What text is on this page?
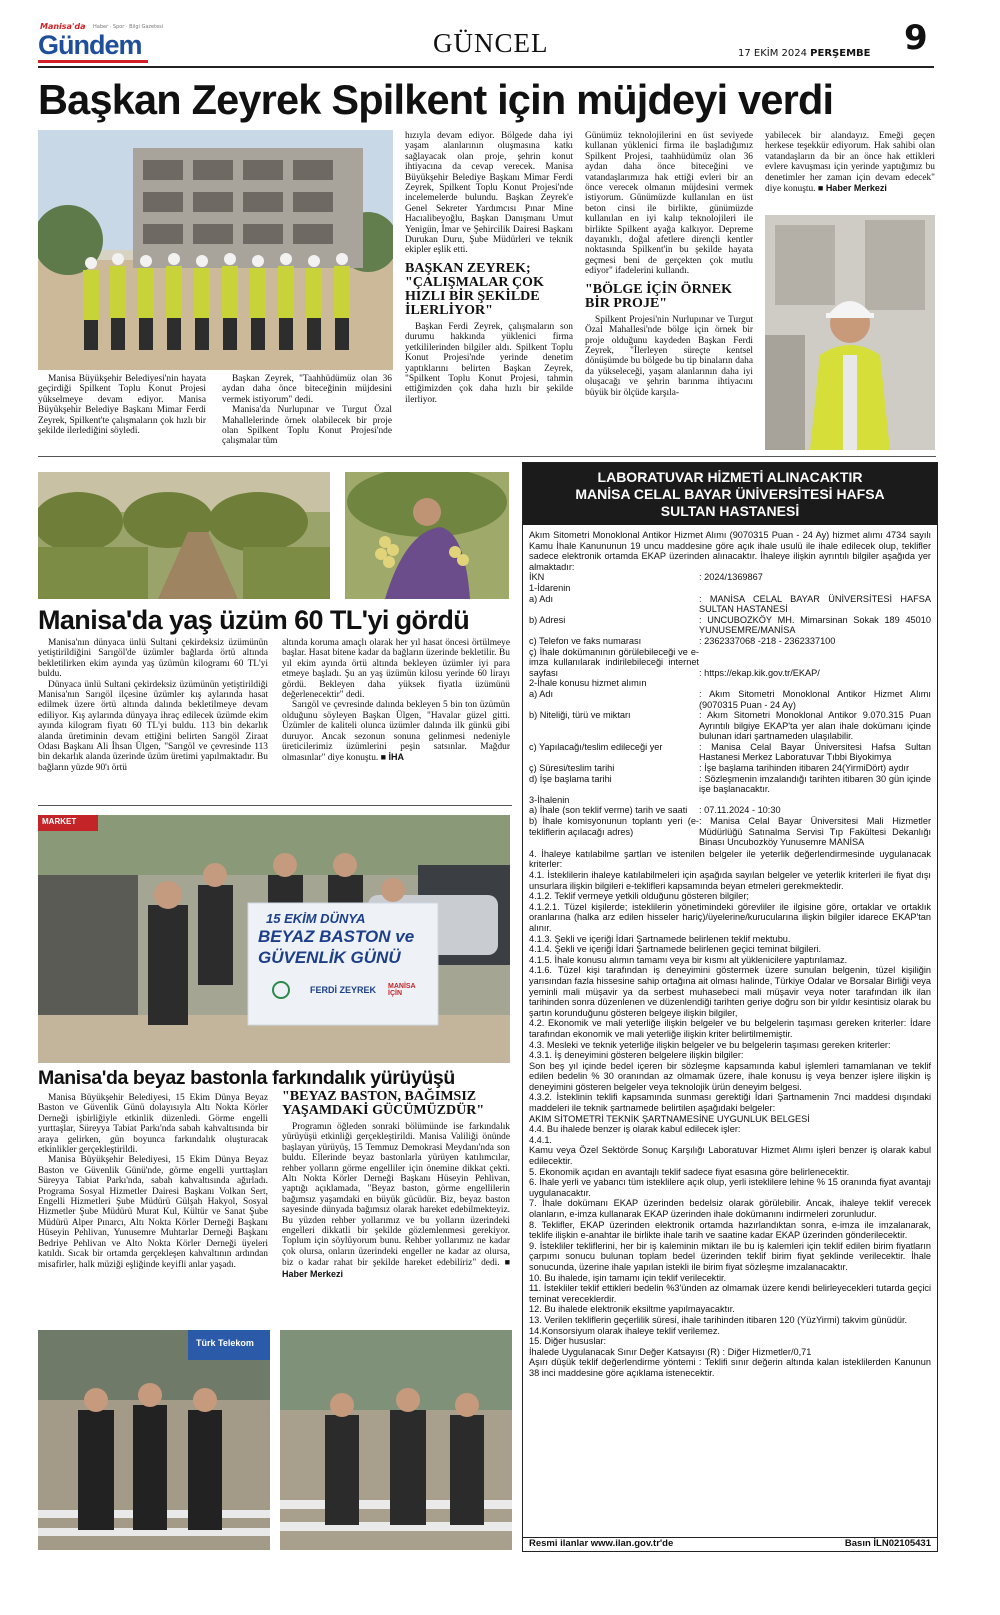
Manisa'da
Gündem
Haber · Spor · Bilgi Gazetesi
GÜNCEL	17 EKİM 2024 PERŞEMBE 9
Başkan Zeyrek Spilkent için müjdeyi verdi

Manisa Büyükşehir Belediyesi'nin hayata geçirdiği Spilkent Toplu Konut Projesi yükselmeye devam ediyor. Manisa Büyükşehir Belediye Başkanı Mimar Ferdi Zeyrek, Spilkent'te çalışmaların çok hızlı bir şekilde ilerlediğini söyledi.

Başkan Zeyrek, "Taahhüdümüz olan 36 aydan daha önce biteceğinin müjdesini vermek istiyorum" dedi.

Manisa'da Nurlupınar ve Turgut Özal Mahallelerinde örnek olabilecek bir proje olan Spilkent Toplu Konut Projesi'nde çalışmalar tüm

hızıyla devam ediyor. Bölgede daha iyi yaşam alanlarının oluşmasına katkı sağlayacak olan proje, şehrin konut ihtiyacına da cevap verecek. Manisa Büyükşehir Belediye Başkanı Mimar Ferdi Zeyrek, Spilkent Toplu Konut Projesi'nde incelemelerde bulundu. Başkan Zeyrek'e Genel Sekreter Yardımcısı Pınar Mine Hacıalibeyoğlu, Başkan Danışmanı Umut Yenigün, İmar ve Şehircilik Dairesi Başkanı Durukan Duru, Şube Müdürleri ve teknik ekipler eşlik etti.

BAŞKAN ZEYREK; "ÇALIŞMALAR ÇOK HIZLI BİR ŞEKİLDE İLERLİYOR"

Başkan Ferdi Zeyrek, çalışmaların son durumu hakkında yüklenici firma yetkililerinden bilgiler aldı. Spilkent Toplu Konut Projesi'nde yerinde denetim yaptıklarını belirten Başkan Zeyrek, "Spilkent Toplu Konut Projesi, tahmin ettiğimizden çok daha hızlı bir şekilde ilerliyor.

Günümüz teknolojilerini en üst seviyede kullanan yüklenici firma ile başladığımız Spilkent Projesi, taahhüdümüz olan 36 aydan daha önce biteceğini ve vatandaşlarımıza hak ettiği evleri bir an önce verecek olmanın müjdesini vermek istiyorum. Günümüzde kullanılan en üst beton cinsi ile birlikte, günümüzde kullanılan en iyi kalıp teknolojileri ile birlikte Spilkent ayağa kalkıyor. Depreme dayanıklı, doğal afetlere dirençli kentler noktasında Spilkent'in bu şekilde hayata geçmesi beni de gerçekten çok mutlu ediyor" ifadelerini kullandı.

"BÖLGE İÇİN ÖRNEK BİR PROJE"

Spilkent Projesi'nin Nurlupınar ve Turgut Özal Mahallesi'nde bölge için örnek bir proje olduğunu kaydeden Başkan Ferdi Zeyrek, "İlerleyen süreçte kentsel dönüşümde bu bölgede bu tip binaların daha da yükseleceği, yaşam alanlarının daha iyi oluşacağı ve şehrin barınma ihtiyacını büyük bir ölçüde karşıla-

yabilecek bir alandayız. Emeği geçen herkese teşekkür ediyorum. Hak sahibi olan vatandaşların da bir an önce hak ettikleri evlere kavuşması için yerinde yaptığımız bu denetimler her zaman için devam edecek" diye konuştu. ■ Haber Merkezi

Manisa'da yaş üzüm 60 TL'yi gördü

Manisa'nın dünyaca ünlü Sultani çekirdeksiz üzümünün yetiştirildiğini Sarıgöl'de üzümler bağlarda örtü altında bekletilirken ekim ayında yaş üzümün kilogramı 60 TL'yi buldu.

Dünyaca ünlü Sultani çekirdeksiz üzümünün yetiştirildiği Manisa'nın Sarıgöl ilçesine üzümler kış aylarında hasat edilmek üzere örtü altında dalında bekletilmeye devam ediliyor. Kış aylarında dünyaya ihraç edilecek üzümde ekim ayında kilogram fiyatı 60 TL'yi buldu. 113 bin dekarlık alanda üretiminin devam ettiğini belirten Sarıgöl Ziraat Odası Başkanı Ali İhsan Ülgen, "Sarıgöl ve çevresinde 113 bin dekarlık alanda üzerinde üzüm üretimi yapılmaktadır. Bu bağların yüzde 90'ı örtü

altında koruma amaçlı olarak her yıl hasat öncesi örtülmeye başlar. Hasat bitene kadar da bağların üzerinde bekletilir. Bu yıl ekim ayında örtü altında bekleyen üzümler iyi para etmeye başladı. Şu an yaş üzümün kilosu yerinde 60 lirayı gördü. Bekleyen daha yüksek fiyatla üzümünü değerlenecektir" dedi.

Sarıgöl ve çevresinde dalında bekleyen 5 bin ton üzümün olduğunu söyleyen Başkan Ülgen, "Havalar güzel gitti. Üzümler de kaliteli olunca üzümler dalında ilk günkü gibi duruyor. Ancak sezonun sonuna gelinmesi nedeniyle üreticilerimiz üzümlerini peşin satsınlar. Mağdur olmasınlar" diye konuştu. ■ İHA

MARKET
15 EKİM DÜNYA
BEYAZ BASTON ve
GÜVENLİK GÜNÜ
FERDİ ZEYREK MANİSA İÇİN
Manisa'da beyaz bastonla farkındalık yürüyüşü

Manisa Büyükşehir Belediyesi, 15 Ekim Dünya Beyaz Baston ve Güvenlik Günü dolayısıyla Altı Nokta Körler Derneği işbirliğiyle etkinlik düzenledi. Görme engelli yurttaşlar, Süreyya Tabiat Parkı'nda sabah kahvaltısında bir araya gelirken, gün boyunca farkındalık oluşturacak etkinlikler gerçekleştirildi.

Manisa Büyükşehir Belediyesi, 15 Ekim Dünya Beyaz Baston ve Güvenlik Günü'nde, görme engelli yurttaşları Süreyya Tabiat Parkı'nda, sabah kahvaltısında ağırladı. Programa Sosyal Hizmetler Dairesi Başkanı Volkan Sert, Engelli Hizmetleri Şube Müdürü Gülşah Hakyol, Sosyal Hizmetler Şube Müdürü Murat Kul, Kültür ve Sanat Şube Müdürü Alper Pınarcı, Altı Nokta Körler Derneği Başkanı Hüseyin Pehlivan, Yunusemre Muhtarlar Derneği Başkanı Bedriye Pehlivan ve Alto Nokta Körler Derneği üyeleri katıldı. Sıcak bir ortamda gerçekleşen kahvaltının ardından misafirler, halk müziği eşliğinde keyifli anlar yaşadı.

"BEYAZ BASTON, BAĞIMSIZ YAŞAMDAKİ GÜCÜMÜZDÜR"

Programın öğleden sonraki bölümünde ise farkındalık yürüyüşü etkinliği gerçekleştirildi. Manisa Valiliği önünde başlayan yürüyüş, 15 Temmuz Demokrasi Meydanı'nda son buldu. Ellerinde beyaz bastonlarla yürüyen katılımcılar, rehber yolların görme engelliler için önemine dikkat çekti. Altı Nokta Körler Derneği Başkanı Hüseyin Pehlivan, yaptığı açıklamada, "Beyaz baston, görme engellilerin bağımsız yaşamdaki en büyük gücüdür. Biz, beyaz baston sayesinde dünyada bağımsız olarak hareket edebilmekteyiz. Bu yüzden rehber yollarımız ve bu yolların üzerindeki engelleri dikkatli bir şekilde gözlemlenmesi gerekiyor. Toplum için söylüyorum bunu. Rehber yollarımız ne kadar çok olursa, onların üzerindeki engeller ne kadar az olursa, biz o kadar rahat bir şekilde hareket edebiliriz" dedi. ■ Haber Merkezi

Türk Telekom
LABORATUVAR HİZMETİ ALINACAKTIR
MANİSA CELAL BAYAR ÜNİVERSİTESİ HAFSA
SULTAN HASTANESİ

Akım Sitometri Monoklonal Antikor Hizmet Alımı (9070315 Puan - 24 Ay) hizmet alımı 4734 sayılı Kamu İhale Kanununun 19 uncu maddesine göre açık ihale usulü ile ihale edilecek olup, teklifler sadece elektronik ortamda EKAP üzerinden alınacaktır. İhaleye ilişkin ayrıntılı bilgiler aşağıda yer almaktadır:

İKN	: 2024/1369867

1-İdarenin

a) Adı	: MANİSA CELAL BAYAR ÜNİVERSİTESİ HAFSA SULTAN HASTANESİ
b) Adresi	: UNCUBOZKÖY MH. Mimarsinan Sokak 189 45010 YUNUSEMRE/MANİSA
c) Telefon ve faks numarası	: 2362337068 -218 - 2362337100
ç) İhale dokümanının görülebileceği ve e-imza kullanılarak indirilebileceği internet sayfası	: https://ekap.kik.gov.tr/EKAP/

2-İhale konusu hizmet alımın

a) Adı	: Akım Sitometri Monoklonal Antikor Hizmet Alımı (9070315 Puan - 24 Ay)
b) Niteliği, türü ve miktarı	: Akım Sitometri Monoklonal Antikor 9.070.315 Puan Ayrıntılı bilgiye EKAP'ta yer alan ihale dokümanı içinde bulunan idari şartnameden ulaşılabilir.
c) Yapılacağı/teslim edileceği yer	: Manisa Celal Bayar Üniversitesi Hafsa Sultan Hastanesi Merkez Laboratuvar Tıbbi Biyokimya
ç) Süresi/teslim tarihi	: İşe başlama tarihinden itibaren 24(YirmiDört) aydır
d) İşe başlama tarihi	: Sözleşmenin imzalandığı tarihten itibaren 30 gün içinde işe başlanacaktır.

3-İhalenin

a) İhale (son teklif verme) tarih ve saati	: 07.11.2024 - 10:30
b) İhale komisyonunun toplantı yeri (e-tekliflerin açılacağı adres)
: Manisa Celal Bayar Üniversitesi Mali Hizmetler Müdürlüğü Satınalma Servisi Tıp Fakültesi Dekanlığı Binası Uncubozköy Yunusemre MANİSA

4. İhaleye katılabilme şartları ve istenilen belgeler ile yeterlik değerlendirmesinde uygulanacak kriterler:

4.1. İsteklilerin ihaleye katılabilmeleri için aşağıda sayılan belgeler ve yeterlik kriterleri ile fiyat dışı unsurlara ilişkin bilgileri e-teklifleri kapsamında beyan etmeleri gerekmektedir.

4.1.2. Teklif vermeye yetkili olduğunu gösteren bilgiler;

4.1.2.1. Tüzel kişilerde; isteklilerin yönetimindeki görevliler ile ilgisine göre, ortaklar ve ortaklık oranlarına (halka arz edilen hisseler hariç)/üyelerine/kurucularına ilişkin bilgiler idarece EKAP'tan alınır.

4.1.3. Şekli ve içeriği İdari Şartnamede belirlenen teklif mektubu.

4.1.4. Şekli ve içeriği İdari Şartnamede belirlenen geçici teminat bilgileri.

4.1.5. İhale konusu alımın tamamı veya bir kısmı alt yüklenicilere yaptırılamaz.

4.1.6. Tüzel kişi tarafından iş deneyimini göstermek üzere sunulan belgenin, tüzel kişiliğin yarısından fazla hissesine sahip ortağına ait olması halinde, Türkiye Odalar ve Borsalar Birliği veya yeminli mali müşavir ya da serbest muhasebeci mali müşavir veya noter tarafından ilk ilan tarihinden sonra düzenlenen ve düzenlendiği tarihten geriye doğru son bir yıldır kesintisiz olarak bu şartın korunduğunu gösteren belgeye ilişkin bilgiler,

4.2. Ekonomik ve mali yeterliğe ilişkin belgeler ve bu belgelerin taşıması gereken kriterler: İdare tarafından ekonomik ve mali yeterliğe ilişkin kriter belirtilmemiştir.

4.3. Mesleki ve teknik yeterliğe ilişkin belgeler ve bu belgelerin taşıması gereken kriterler:

4.3.1. İş deneyimini gösteren belgelere ilişkin bilgiler:

Son beş yıl içinde bedel içeren bir sözleşme kapsamında kabul işlemleri tamamlanan ve teklif edilen bedelin % 30 oranından az olmamak üzere, ihale konusu iş veya benzer işlere ilişkin iş deneyimini gösteren belgeler veya teknolojik ürün deneyim belgesi.

4.3.2. İsteklinin teklifi kapsamında sunması gerektiği İdari Şartnamenin 7nci maddesi dışındaki maddeleri ile teknik şartnamede belirtilen aşağıdaki belgeler:

AKIM SİTOMETRİ TEKNİK ŞARTNAMESİNE UYGUNLUK BELGESİ

4.4. Bu ihalede benzer iş olarak kabul edilecek işler:

4.4.1.

Kamu veya Özel Sektörde Sonuç Karşılığı Laboratuvar Hizmet Alımı işleri benzer iş olarak kabul edilecektir.

5. Ekonomik açıdan en avantajlı teklif sadece fiyat esasına göre belirlenecektir.

6. İhale yerli ve yabancı tüm isteklilere açık olup, yerli isteklilere lehine % 15 oranında fiyat avantajı uygulanacaktır.

7. İhale dokümanı EKAP üzerinden bedelsiz olarak görülebilir. Ancak, ihaleye teklif verecek olanların, e-imza kullanarak EKAP üzerinden ihale dokümanını indirmeleri zorunludur.

8. Teklifler, EKAP üzerinden elektronik ortamda hazırlandıktan sonra, e-imza ile imzalanarak, teklife ilişkin e-anahtar ile birlikte ihale tarih ve saatine kadar EKAP üzerinden gönderilecektir.

9. İstekliler tekliflerini, her bir iş kaleminin miktarı ile bu iş kalemleri için teklif edilen birim fiyatların çarpımı sonucu bulunan toplam bedel üzerinden teklif birim fiyat şeklinde verilecektir. İhale sonucunda, üzerine ihale yapılan istekli ile birim fiyat sözleşme imzalanacaktır.

10. Bu ihalede, işin tamamı için teklif verilecektir.

11. İstekliler teklif ettikleri bedelin %3'ünden az olmamak üzere kendi belirleyecekleri tutarda geçici teminat vereceklerdir.

12. Bu ihalede elektronik eksiltme yapılmayacaktır.

13. Verilen tekliflerin geçerlilik süresi, ihale tarihinden itibaren 120 (YüzYirmi) takvim günüdür.

14.Konsorsiyum olarak ihaleye teklif verilemez.

15. Diğer hususlar:

İhalede Uygulanacak Sınır Değer Katsayısı (R) : Diğer Hizmetler/0,71

Aşırı düşük teklif değerlendirme yöntemi : Teklifi sınır değerin altında kalan isteklilerden Kanunun 38 inci maddesine göre açıklama istenecektir.

Resmi ilanlar www.ilan.gov.tr'de	Basın İLN02105431
